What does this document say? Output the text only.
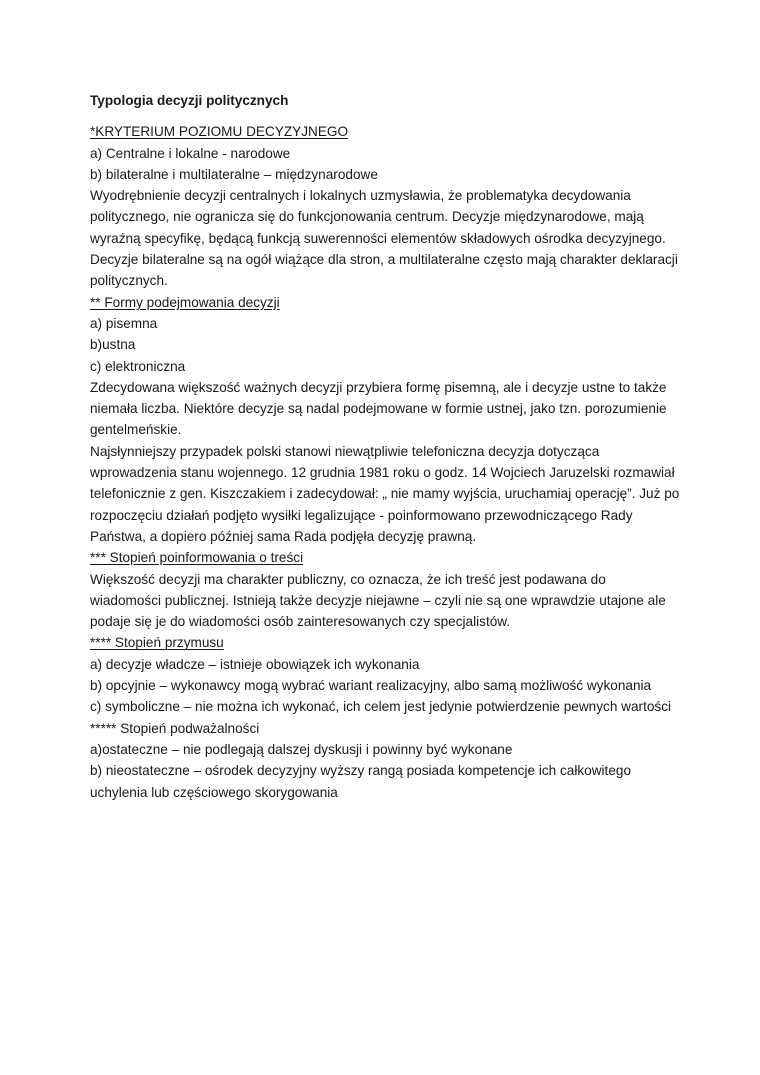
Typologia decyzji politycznych
*KRYTERIUM POZIOMU DECYZYJNEGO
a) Centralne i lokalne - narodowe
b) bilateralne i multilateralne – międzynarodowe
Wyodrębnienie decyzji centralnych i lokalnych uzmysławia, że problematyka decydowania politycznego, nie ogranicza się do funkcjonowania centrum. Decyzje międzynarodowe, mają wyraźną specyfikę, będącą funkcją suwerenności elementów składowych ośrodka decyzyjnego. Decyzje bilateralne są na ogół wiążące dla stron, a multilateralne często mają charakter deklaracji politycznych.
** Formy podejmowania decyzji
a) pisemna
b)ustna
c) elektroniczna
Zdecydowana większość ważnych decyzji przybiera formę pisemną, ale i decyzje ustne to także niemała liczba. Niektóre decyzje są nadal podejmowane w formie ustnej, jako tzn. porozumienie gentelmeńskie.
Najsłynniejszy przypadek polski stanowi niewątpliwie telefoniczna decyzja dotycząca wprowadzenia stanu wojennego. 12 grudnia 1981 roku o godz. 14 Wojciech Jaruzelski rozmawiał telefonicznie z gen. Kiszczakiem i zadecydował: „ nie mamy wyjścia, uruchamiaj operację”. Już po rozpoczęciu działań podjęto wysiłki legalizujące - poinformowano przewodniczącego Rady Państwa, a dopiero później sama Rada podjęła decyzję prawną.
*** Stopień poinformowania o treści
Większość decyzji ma charakter publiczny, co oznacza, że ich treść jest podawana do wiadomości publicznej. Istnieją także decyzje niejawne – czyli nie są one wprawdzie utajone ale podaje się je do wiadomości osób zainteresowanych czy specjalistów.
**** Stopień przymusu
a) decyzje władcze – istnieje obowiązek ich wykonania
b) opcyjnie – wykonawcy mogą wybrać wariant realizacyjny, albo samą możliwość wykonania
c) symboliczne – nie można ich wykonać, ich celem jest jedynie potwierdzenie pewnych wartości
***** Stopień podważalności
a)ostateczne – nie podlegają dalszej dyskusji i powinny być wykonane
b) nieostateczne – ośrodek decyzyjny wyższy rangą posiada kompetencje ich całkowitego uchylenia lub częściowego skorygowania
